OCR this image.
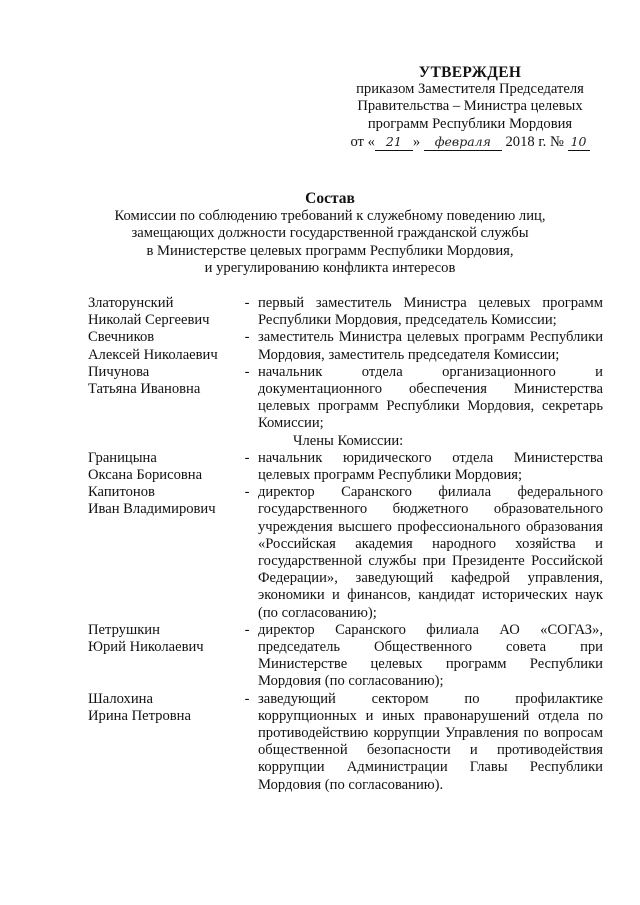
УТВЕРЖДЕН
приказом Заместителя Председателя
Правительства – Министра целевых
программ Республики Мордовия
от « 21 » февраля 2018 г. № 10
Состав
Комиссии по соблюдению требований к служебному поведению лиц,
замещающих должности государственной гражданской службы
в Министерстве целевых программ Республики Мордовия,
и урегулированию конфликта интересов
Златорунский
Николай Сергеевич
- первый заместитель Министра целевых программ Республики Мордовия, председатель Комиссии;
Свечников
Алексей Николаевич
- заместитель Министра целевых программ Республики Мордовия, заместитель председателя Комиссии;
Пичунова
Татьяна Ивановна
- начальник отдела организационного и документационного обеспечения Министерства целевых программ Республики Мордовия, секретарь Комиссии;
Члены Комиссии:
Границына
Оксана Борисовна
- начальник юридического отдела Министерства целевых программ Республики Мордовия;
Капитонов
Иван Владимирович
- директор Саранского филиала федерального государственного бюджетного образовательного учреждения высшего профессионального образования «Российская академия народного хозяйства и государственной службы при Президенте Российской Федерации», заведующий кафедрой управления, экономики и финансов, кандидат исторических наук (по согласованию);
Петрушкин
Юрий Николаевич
- директор Саранского филиала АО «СОГАЗ», председатель Общественного совета при Министерстве целевых программ Республики Мордовия (по согласованию);
Шалохина
Ирина Петровна
- заведующий сектором по профилактике коррупционных и иных правонарушений отдела по противодействию коррупции Управления по вопросам общественной безопасности и противодействия коррупции Администрации Главы Республики Мордовия (по согласованию).
